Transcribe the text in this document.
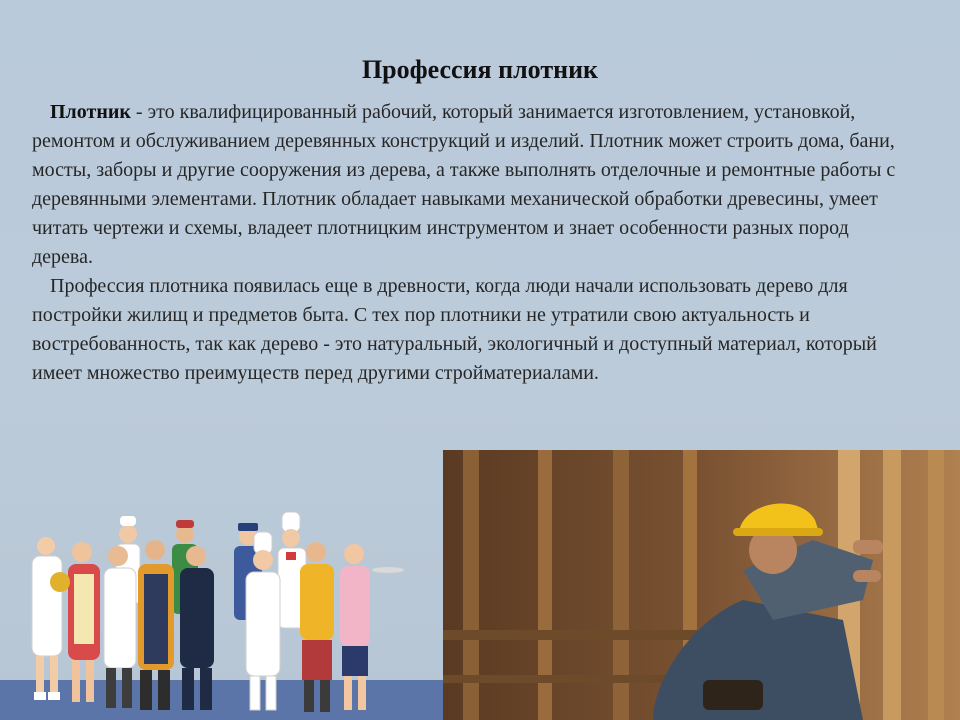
Профессия плотник

Плотник - это квалифицированный рабочий, который занимается изготовлением, установкой, ремонтом и обслуживанием деревянных конструкций и изделий. Плотник может строить дома, бани, мосты, заборы и другие сооружения из дерева, а также выполнять отделочные и ремонтные работы с деревянными элементами. Плотник обладает навыками механической обработки древесины, умеет читать чертежи и схемы, владеет плотницким инструментом и знает особенности разных пород дерева.

Профессия плотника появилась еще в древности, когда люди начали использовать дерево для постройки жилищ и предметов быта. С тех пор плотники не утратили свою актуальность и востребованность, так как дерево - это натуральный, экологичный и доступный материал, который имеет множество преимуществ перед другими стройматериалами.
